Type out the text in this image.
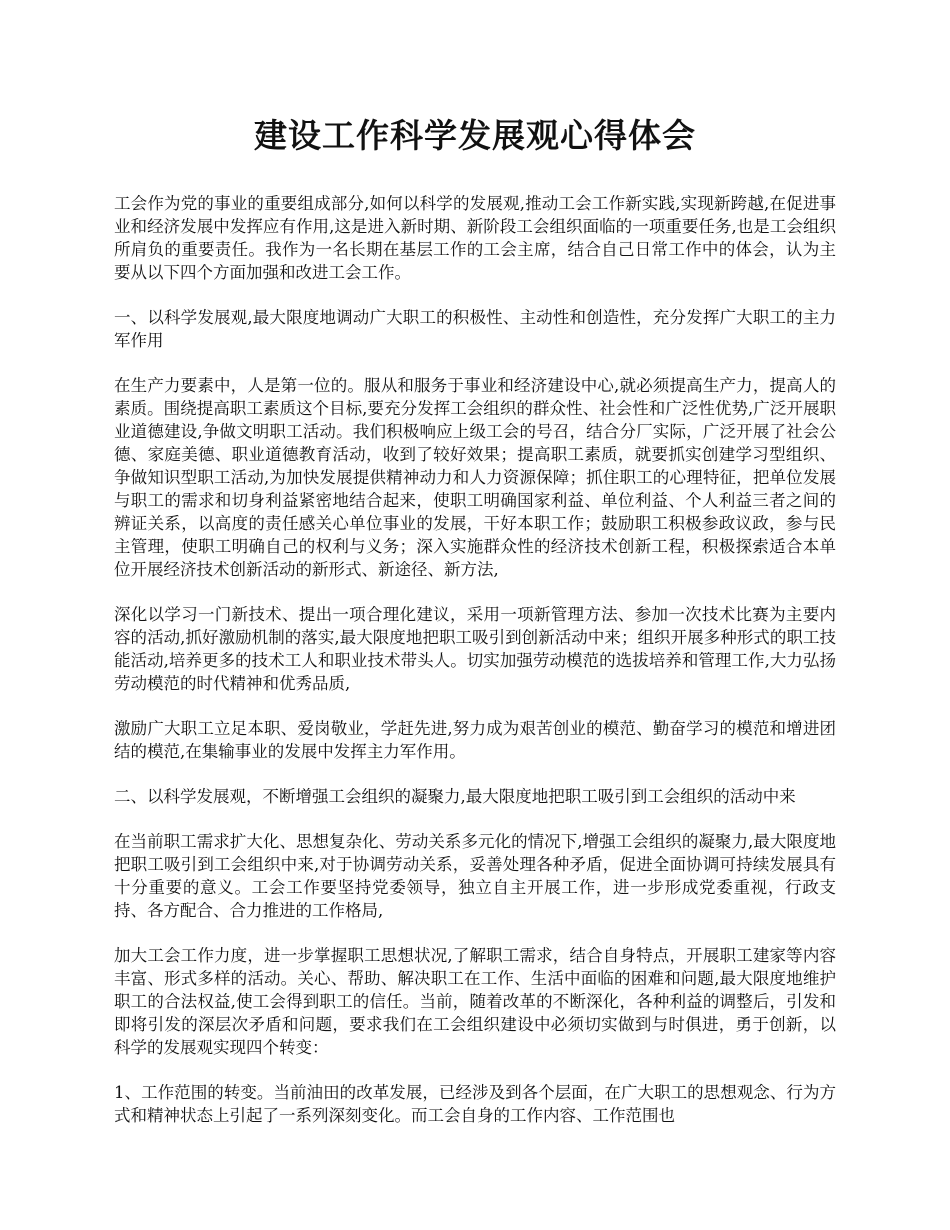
建设工作科学发展观心得体会

工会作为党的事业的重要组成部分,如何以科学的发展观,推动工会工作新实践,实现新跨越,在促进事业和经济发展中发挥应有作用,这是进入新时期、新阶段工会组织面临的一项重要任务,也是工会组织所肩负的重要责任。我作为一名长期在基层工作的工会主席，结合自己日常工作中的体会，认为主要从以下四个方面加强和改进工会工作。

一、以科学发展观,最大限度地调动广大职工的积极性、主动性和创造性，充分发挥广大职工的主力军作用

在生产力要素中，人是第一位的。服从和服务于事业和经济建设中心,就必须提高生产力，提高人的素质。围绕提高职工素质这个目标,要充分发挥工会组织的群众性、社会性和广泛性优势,广泛开展职业道德建设,争做文明职工活动。我们积极响应上级工会的号召，结合分厂实际，广泛开展了社会公德、家庭美德、职业道德教育活动，收到了较好效果；提高职工素质，就要抓实创建学习型组织、争做知识型职工活动,为加快发展提供精神动力和人力资源保障；抓住职工的心理特征，把单位发展与职工的需求和切身利益紧密地结合起来，使职工明确国家利益、单位利益、个人利益三者之间的辨证关系，以高度的责任感关心单位事业的发展，干好本职工作；鼓励职工积极参政议政，参与民主管理，使职工明确自己的权利与义务；深入实施群众性的经济技术创新工程，积极探索适合本单位开展经济技术创新活动的新形式、新途径、新方法,

深化以学习一门新技术、提出一项合理化建议，采用一项新管理方法、参加一次技术比赛为主要内容的活动,抓好激励机制的落实,最大限度地把职工吸引到创新活动中来；组织开展多种形式的职工技能活动,培养更多的技术工人和职业技术带头人。切实加强劳动模范的选拔培养和管理工作,大力弘扬劳动模范的时代精神和优秀品质,

激励广大职工立足本职、爱岗敬业，学赶先进,努力成为艰苦创业的模范、勤奋学习的模范和增进团结的模范,在集输事业的发展中发挥主力军作用。

二、以科学发展观，不断增强工会组织的凝聚力,最大限度地把职工吸引到工会组织的活动中来

在当前职工需求扩大化、思想复杂化、劳动关系多元化的情况下,增强工会组织的凝聚力,最大限度地把职工吸引到工会组织中来,对于协调劳动关系，妥善处理各种矛盾，促进全面协调可持续发展具有十分重要的意义。工会工作要坚持党委领导，独立自主开展工作，进一步形成党委重视，行政支持、各方配合、合力推进的工作格局,

加大工会工作力度，进一步掌握职工思想状况,了解职工需求，结合自身特点，开展职工建家等内容丰富、形式多样的活动。关心、帮助、解决职工在工作、生活中面临的困难和问题,最大限度地维护职工的合法权益,使工会得到职工的信任。当前，随着改革的不断深化，各种利益的调整后，引发和即将引发的深层次矛盾和问题，要求我们在工会组织建设中必须切实做到与时俱进，勇于创新，以科学的发展观实现四个转变：

1、工作范围的转变。当前油田的改革发展，已经涉及到各个层面，在广大职工的思想观念、行为方式和精神状态上引起了一系列深刻变化。而工会自身的工作内容、工作范围也
